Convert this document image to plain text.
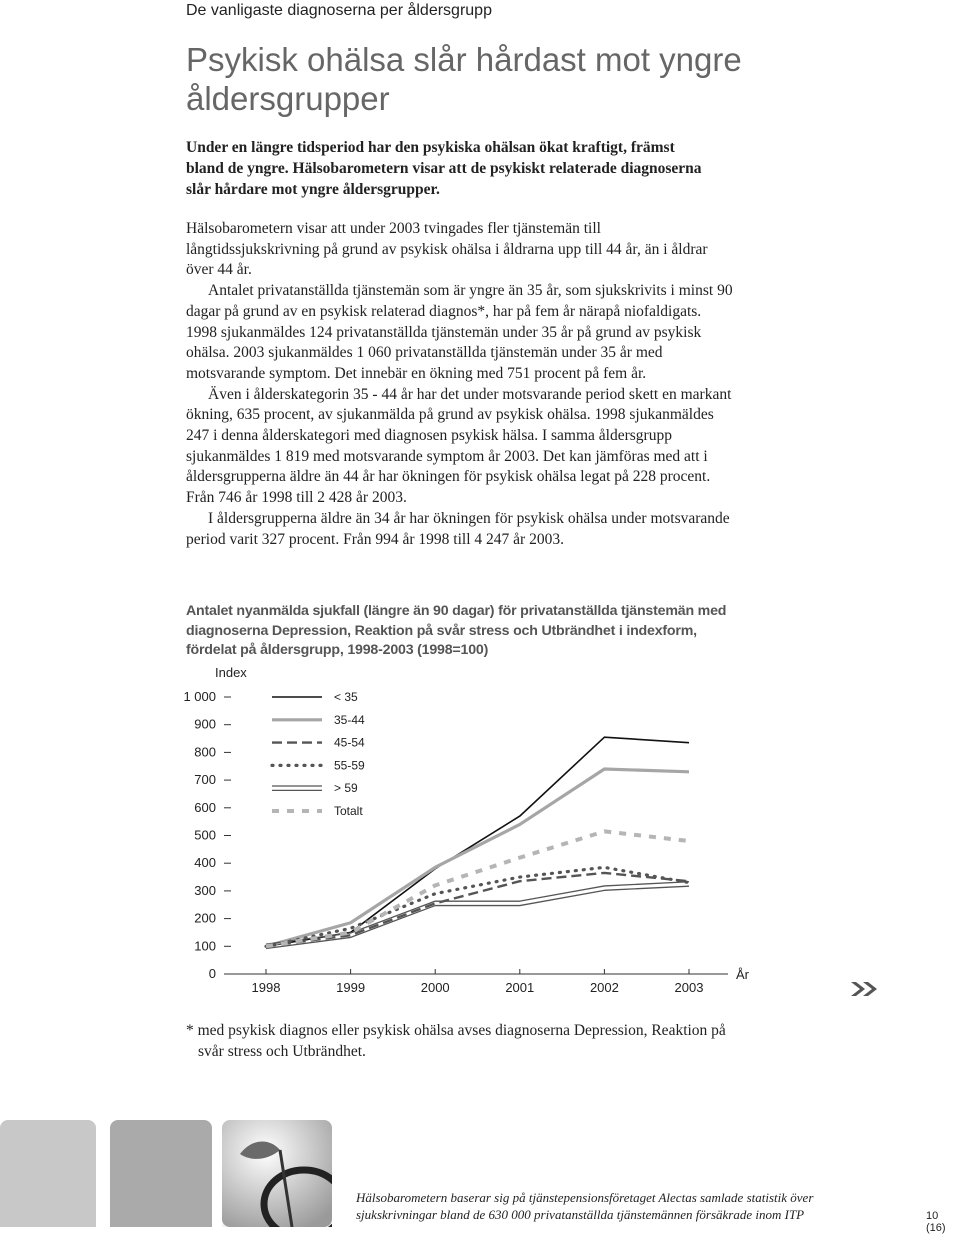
De vanligaste diagnoserna per åldersgrupp
Psykisk ohälsa slår hårdast mot yngre åldersgrupper

Under en längre tidsperiod har den psykiska ohälsan ökat kraftigt, främst bland de yngre. Hälsobarometern visar att de psykiskt relaterade diagnoserna slår hårdare mot yngre åldersgrupper.

Hälsobarometern visar att under 2003 tvingades fler tjänstemän till långtidssjukskrivning på grund av psykisk ohälsa i åldrarna upp till 44 år, än i åldrar över 44 år.

Antalet privatanställda tjänstemän som är yngre än 35 år, som sjukskrivits i minst 90 dagar på grund av en psykisk relaterad diagnos*, har på fem år närapå niofaldigats. 1998 sjukanmäldes 124 privatanställda tjänstemän under 35 år på grund av psykisk ohälsa. 2003 sjukanmäldes 1 060 privatanställda tjänstemän under 35 år med motsvarande symptom. Det innebär en ökning med 751 procent på fem år.

Även i ålderskategorin 35 - 44 år har det under motsvarande period skett en markant ökning, 635 procent, av sjukanmälda på grund av psykisk ohälsa. 1998 sjukanmäldes 247 i denna ålderskategori med diagnosen psykisk hälsa. I samma åldersgrupp sjukanmäldes 1 819 med motsvarande symptom år 2003. Det kan jämföras med att i åldersgrupperna äldre än 44 år har ökningen för psykisk ohälsa legat på 228 procent. Från 746 år 1998 till 2 428 år 2003.

I åldersgrupperna äldre än 34 år har ökningen för psykisk ohälsa under motsvarande period varit 327 procent. Från 994 år 1998 till 4 247 år 2003.

Antalet nyanmälda sjukfall (längre än 90 dagar) för privatanställda tjänstemän med diagnoserna Depression, Reaktion på svår stress och Utbrändhet i indexform, fördelat på åldersgrupp, 1998-2003 (1998=100)

Index
0
100
200
300
400
500
600
700
800
900
1 000
1998	1999	2000	2001	2002	2003
År
< 35
35-44
45-54
55-59
> 59
Totalt
* med psykisk diagnos eller psykisk ohälsa avses diagnoserna Depression, Reaktion på svår stress och Utbrändhet.
Hälsobarometern baserar sig på tjänstepensionsföretaget Alectas samlade statistik över sjukskrivningar bland de 630 000 privatanställda tjänstemännen försäkrade inom ITP	10 (16)
